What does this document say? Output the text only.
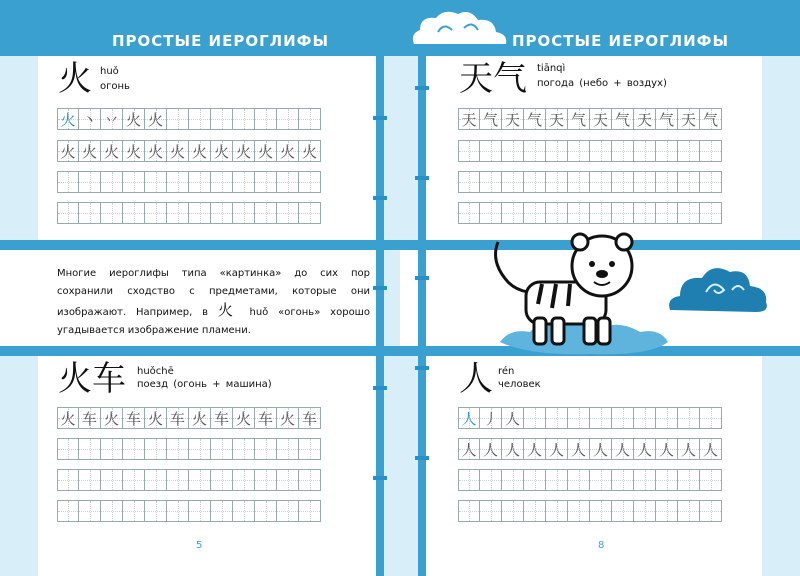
ПРОСТЫЕ ИЕРОГЛИФЫ	ПРОСТЫЕ ИЕРОГЛИФЫ
火 huǒ
огонь
火 丶 丷 火 火
火 火 火 火 火 火 火 火 火 火 火 火
Многие иероглифы типа «картинка» до сих пор сохранили сходство с предметами, которые они изображают. Например, в 火 huǒ «огонь» хорошо угадывается изображение пламени.
火车 huǒchē
поезд (огонь + машина)
火 车 火 车 火 车 火 车 火 车 火 车
天气 tiānqì
погода (небо + воздух)
天 气 天 气 天 气 天 气 天 气 天 气
人 rén
человек
人 丿 人
人 人 人 人 人 人 人 人 人 人 人 人
5	8
